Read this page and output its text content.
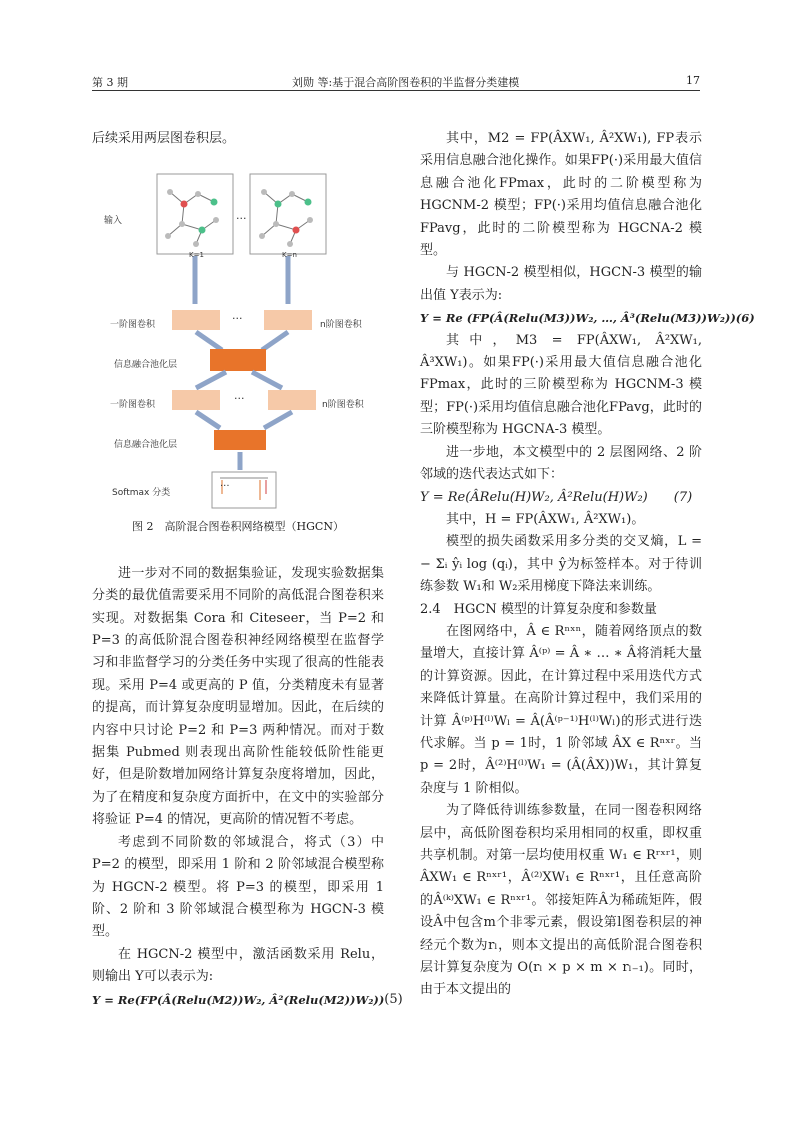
第 3 期	刘勋 等:基于混合高阶图卷积的半监督分类建模	17

后续采用两层图卷积层。

输入
K=1	K=n
···
一阶图卷积	n阶图卷积
···
信息融合池化层
一阶图卷积	n阶图卷积
···
信息融合池化层
Softmax 分类
···
图 2　高阶混合图卷积网络模型（HGCN）

进一步对不同的数据集验证，发现实验数据集分类的最优值需要采用不同阶的高低混合图卷积来实现。对数据集 Cora 和 Citeseer，当 P=2 和 P=3 的高低阶混合图卷积神经网络模型在监督学习和非监督学习的分类任务中实现了很高的性能表现。采用 P=4 或更高的 P 值，分类精度未有显著的提高，而计算复杂度明显增加。因此，在后续的内容中只讨论 P=2 和 P=3 两种情况。而对于数据集 Pubmed 则表现出高阶性能较低阶性能更好，但是阶数增加网络计算复杂度将增加，因此，为了在精度和复杂度方面折中，在文中的实验部分将验证 P=4 的情况，更高阶的情况暂不考虑。

考虑到不同阶数的邻域混合，将式（3）中 P=2 的模型，即采用 1 阶和 2 阶邻域混合模型称为 HGCN-2 模型。将 P=3 的模型，即采用 1 阶、2 阶和 3 阶邻域混合模型称为 HGCN-3 模型。

在 HGCN-2 模型中，激活函数采用 Relu，则输出 Y可以表示为:

Y = Re(FP(Â(Relu(M2))W₂, Â²(Relu(M2))W₂)) (5)

其中，M2 = FP(ÂXW₁, Â²XW₁), FP表示采用信息融合池化操作。如果FP(·)采用最大值信息融合池化FPmax，此时的二阶模型称为 HGCNM-2 模型；FP(·)采用均值信息融合池化 FPavg，此时的二阶模型称为 HGCNA-2 模型。

与 HGCN-2 模型相似，HGCN-3 模型的输出值 Y表示为:

Y = Re (FP(Â(Relu(M3))W₂, …, Â³(Relu(M3))W₂))(6)

其中，M3 = FP(ÂXW₁, Â²XW₁, Â³XW₁)。如果FP(·)采用最大值信息融合池化FPmax，此时的三阶模型称为 HGCNM-3 模型；FP(·)采用均值信息融合池化FPavg，此时的三阶模型称为 HGCNA-3 模型。

进一步地，本文模型中的 2 层图网络、2 阶邻域的迭代表达式如下：

Y = Re(ÂRelu(H)W₂, Â²Relu(H)W₂)　　(7)

其中，H = FP(ÂXW₁, Â²XW₁)。

模型的损失函数采用多分类的交叉熵，L = − Σᵢ ŷᵢ log (qᵢ)，其中 ŷ为标签样本。对于待训练参数 W₁和 W₂采用梯度下降法来训练。

2.4　HGCN 模型的计算复杂度和参数量

在图网络中，Â ∈ Rⁿˣⁿ，随着网络顶点的数量增大，直接计算 Â⁽ᵖ⁾ = Â ∗ … ∗ Â将消耗大量的计算资源。因此，在计算过程中采用迭代方式来降低计算量。在高阶计算过程中，我们采用的计算 Â⁽ᵖ⁾H⁽ˡ⁾Wₗ = Â(Â⁽ᵖ⁻¹⁾H⁽ˡ⁾Wₗ)的形式进行迭代求解。当 p = 1时，1 阶邻域 ÂX ∈ Rⁿˣʳ。当 p = 2时，Â⁽²⁾H⁽ˡ⁾W₁ = (Â(ÂX))W₁，其计算复杂度与 1 阶相似。

为了降低待训练参数量，在同一图卷积网络层中，高低阶图卷积均采用相同的权重，即权重共享机制。对第一层均使用权重 W₁ ∈ Rʳˣʳ¹，则ÂXW₁ ∈ Rⁿˣʳ¹，Â⁽²⁾XW₁ ∈ Rⁿˣʳ¹，且任意高阶的Â⁽ᵏ⁾XW₁ ∈ Rⁿˣʳ¹。邻接矩阵Â为稀疏矩阵，假设Â中包含m个非零元素，假设第l图卷积层的神经元个数为rₗ，则本文提出的高低阶混合图卷积层计算复杂度为 O(rₗ × p × m × rₗ₋₁)。同时，由于本文提出的
